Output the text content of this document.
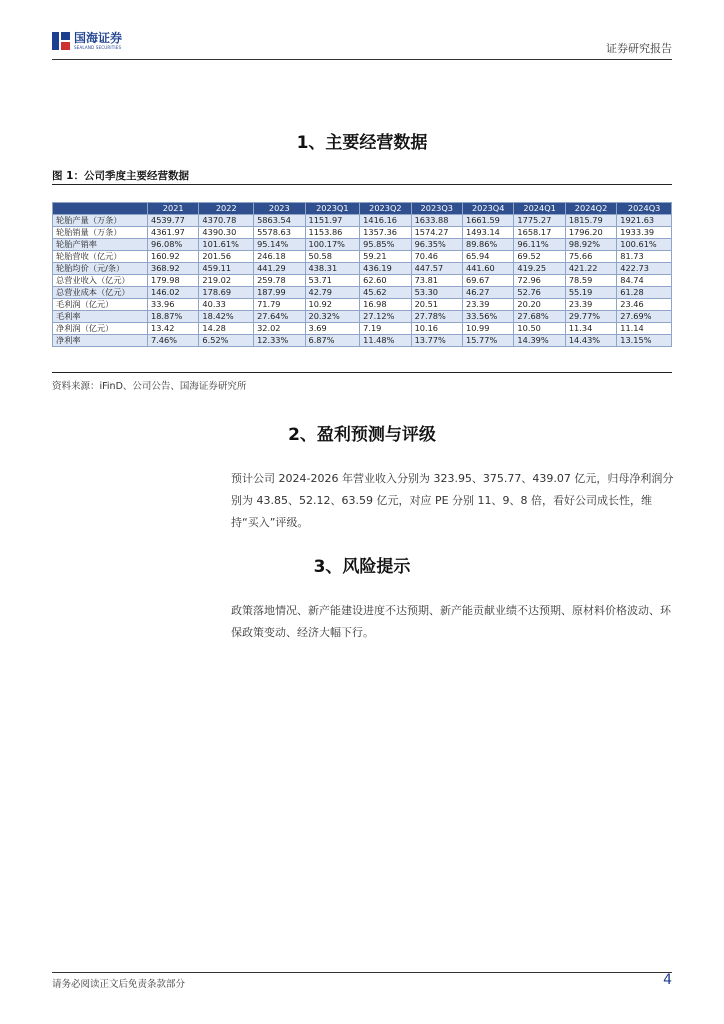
国海证券
SEALAND SECURITIES	证券研究报告
1、主要经营数据
图 1：公司季度主要经营数据
	2021	2022	2023	2023Q1	2023Q2	2023Q3	2023Q4	2024Q1	2024Q2	2024Q3
轮胎产量（万条）	4539.77	4370.78	5863.54	1151.97	1416.16	1633.88	1661.59	1775.27	1815.79	1921.63
轮胎销量（万条）	4361.97	4390.30	5578.63	1153.86	1357.36	1574.27	1493.14	1658.17	1796.20	1933.39
轮胎产销率	96.08%	101.61%	95.14%	100.17%	95.85%	96.35%	89.86%	96.11%	98.92%	100.61%
轮胎营收（亿元）	160.92	201.56	246.18	50.58	59.21	70.46	65.94	69.52	75.66	81.73
轮胎均价（元/条）	368.92	459.11	441.29	438.31	436.19	447.57	441.60	419.25	421.22	422.73
总营业收入（亿元）	179.98	219.02	259.78	53.71	62.60	73.81	69.67	72.96	78.59	84.74
总营业成本（亿元）	146.02	178.69	187.99	42.79	45.62	53.30	46.27	52.76	55.19	61.28
毛利润（亿元）	33.96	40.33	71.79	10.92	16.98	20.51	23.39	20.20	23.39	23.46
毛利率	18.87%	18.42%	27.64%	20.32%	27.12%	27.78%	33.56%	27.68%	29.77%	27.69%
净利润（亿元）	13.42	14.28	32.02	3.69	7.19	10.16	10.99	10.50	11.34	11.14
净利率	7.46%	6.52%	12.33%	6.87%	11.48%	13.77%	15.77%	14.39%	14.43%	13.15%
资料来源：iFinD、公司公告、国海证券研究所
2、盈利预测与评级
预计公司 2024-2026 年营业收入分别为 323.95、375.77、439.07 亿元，归母净利润分别为 43.85、52.12、63.59 亿元，对应 PE 分别 11、9、8 倍，看好公司成长性，维持“买入”评级。
3、风险提示
政策落地情况、新产能建设进度不达预期、新产能贡献业绩不达预期、原材料价格波动、环保政策变动、经济大幅下行。
请务必阅读正文后免责条款部分	4
